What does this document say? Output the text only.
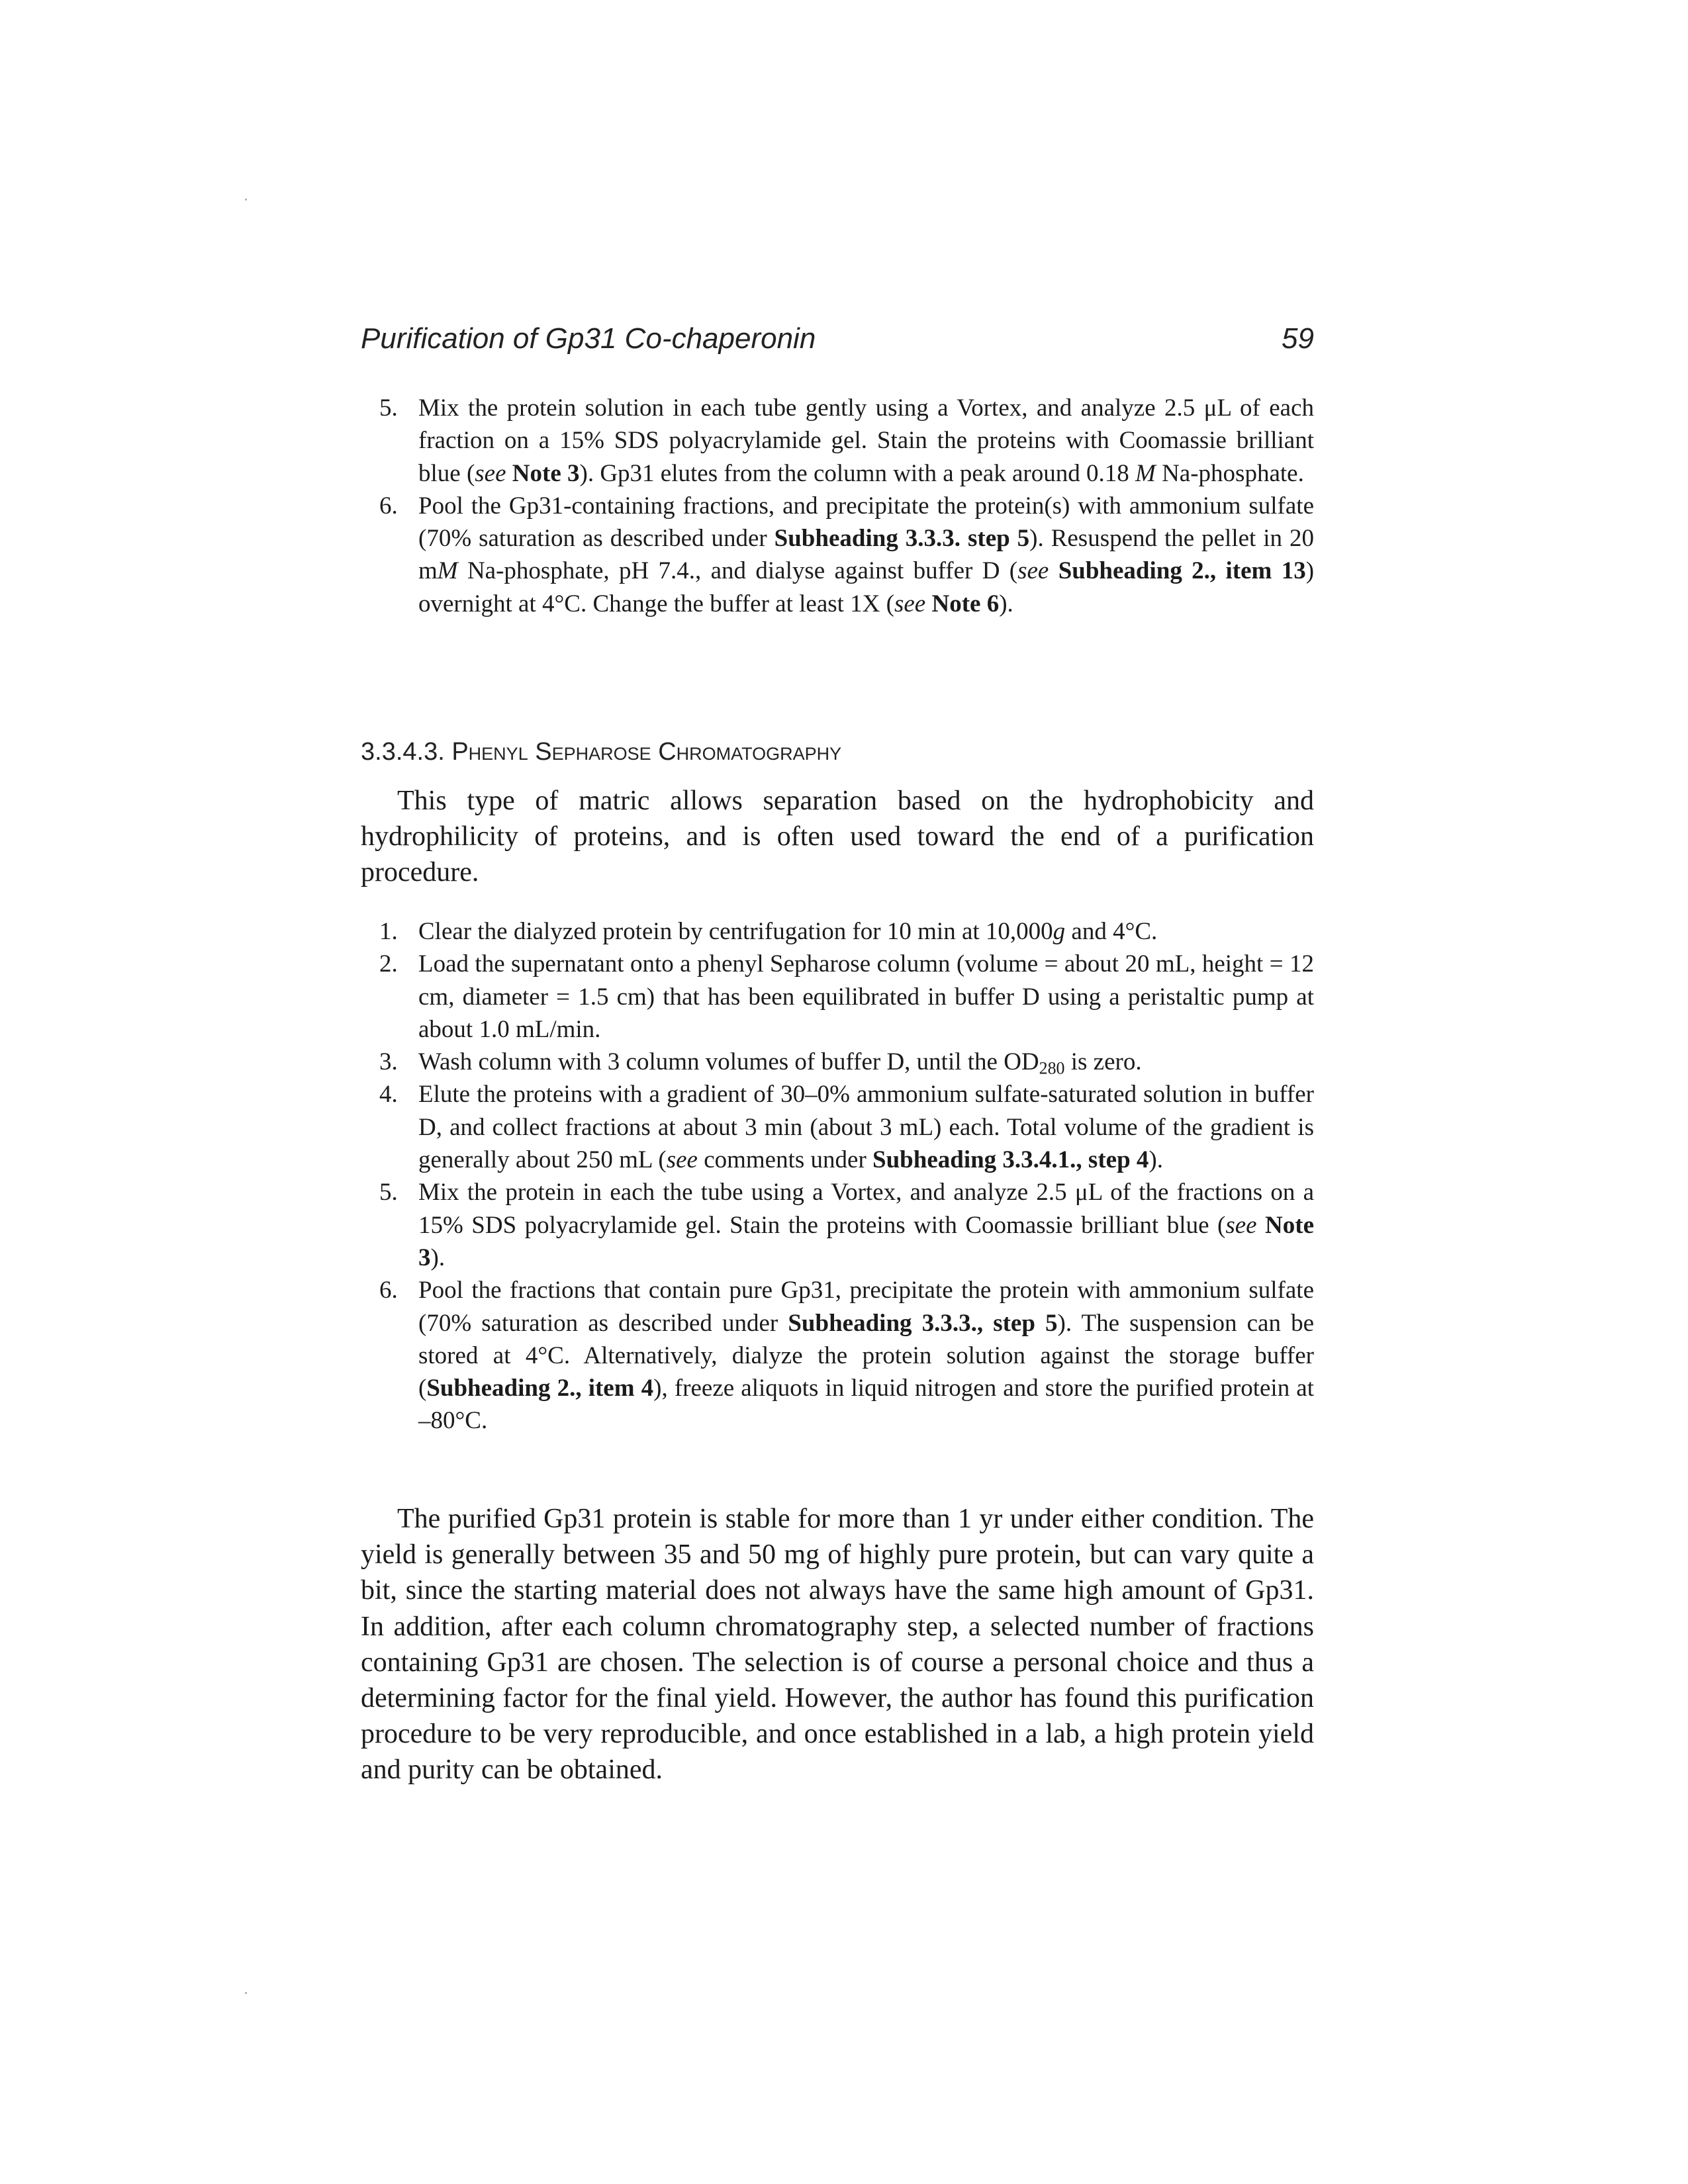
Purification of Gp31 Co-chaperonin	59
5. Mix the protein solution in each tube gently using a Vortex, and analyze 2.5 μL of each fraction on a 15% SDS polyacrylamide gel. Stain the proteins with Coomassie brilliant blue (see Note 3). Gp31 elutes from the column with a peak around 0.18 M Na-phosphate.
6. Pool the Gp31-containing fractions, and precipitate the protein(s) with ammonium sulfate (70% saturation as described under Subheading 3.3.3. step 5). Resuspend the pellet in 20 mM Na-phosphate, pH 7.4., and dialyse against buffer D (see Subheading 2., item 13) overnight at 4°C. Change the buffer at least 1X (see Note 6).
3.3.4.3. Phenyl Sepharose Chromatography

This type of matric allows separation based on the hydrophobicity and hydrophilicity of proteins, and is often used toward the end of a purification procedure.

1. Clear the dialyzed protein by centrifugation for 10 min at 10,000g and 4°C.
2. Load the supernatant onto a phenyl Sepharose column (volume = about 20 mL, height = 12 cm, diameter = 1.5 cm) that has been equilibrated in buffer D using a peristaltic pump at about 1.0 mL/min.
3. Wash column with 3 column volumes of buffer D, until the $OD_{280}$ is zero.
4. Elute the proteins with a gradient of 30–0% ammonium sulfate-saturated solution in buffer D, and collect fractions at about 3 min (about 3 mL) each. Total volume of the gradient is generally about 250 mL (see comments under Subheading 3.3.4.1., step 4).
5. Mix the protein in each the tube using a Vortex, and analyze 2.5 μL of the fractions on a 15% SDS polyacrylamide gel. Stain the proteins with Coomassie brilliant blue (see Note 3).
6. Pool the fractions that contain pure Gp31, precipitate the protein with ammonium sulfate (70% saturation as described under Subheading 3.3.3., step 5). The suspension can be stored at 4°C. Alternatively, dialyze the protein solution against the storage buffer (Subheading 2., item 4), freeze aliquots in liquid nitrogen and store the purified protein at –80°C.

The purified Gp31 protein is stable for more than 1 yr under either condition. The yield is generally between 35 and 50 mg of highly pure protein, but can vary quite a bit, since the starting material does not always have the same high amount of Gp31. In addition, after each column chromatography step, a selected number of fractions containing Gp31 are chosen. The selection is of course a personal choice and thus a determining factor for the final yield. However, the author has found this purification procedure to be very reproducible, and once established in a lab, a high protein yield and purity can be obtained.
